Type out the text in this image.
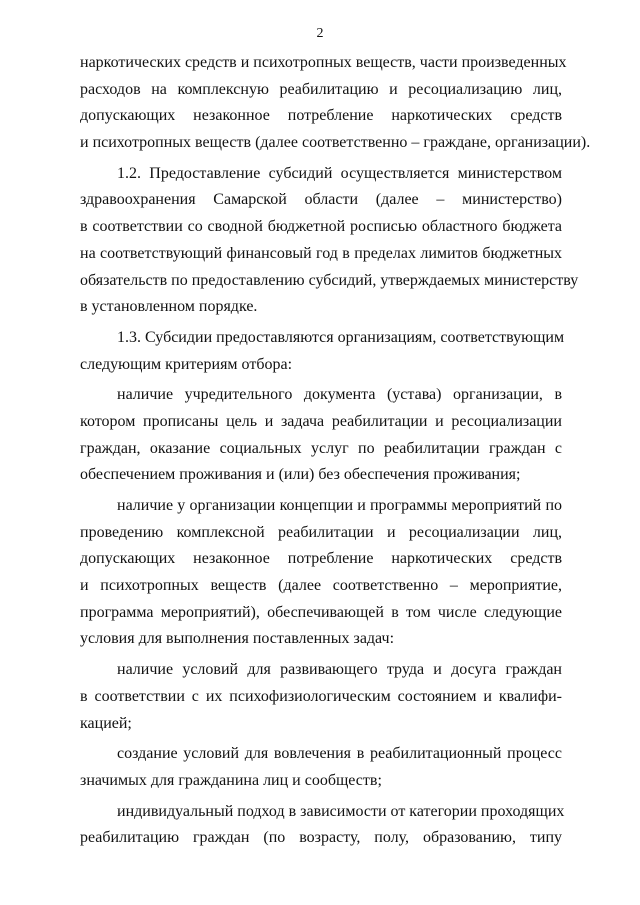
2
наркотических средств и психотропных веществ, части произведенных
расходов на комплексную реабилитацию и ресоциализацию лиц,
допускающих незаконное потребление наркотических средств
и психотропных веществ (далее соответственно – граждане, организации).
1.2. Предоставление субсидий осуществляется министерством
здравоохранения Самарской области (далее – министерство)
в соответствии со сводной бюджетной росписью областного бюджета
на соответствующий финансовый год в пределах лимитов бюджетных
обязательств по предоставлению субсидий, утверждаемых министерству
в установленном порядке.
1.3. Субсидии предоставляются организациям, соответствующим
следующим критериям отбора:
наличие учредительного документа (устава) организации, в
котором прописаны цель и задача реабилитации и ресоциализации
граждан, оказание социальных услуг по реабилитации граждан с
обеспечением проживания и (или) без обеспечения проживания;
наличие у организации концепции и программы мероприятий по
проведению комплексной реабилитации и ресоциализации лиц,
допускающих незаконное потребление наркотических средств
и психотропных веществ (далее соответственно – мероприятие,
программа мероприятий), обеспечивающей в том числе следующие
условия для выполнения поставленных задач:
наличие условий для развивающего труда и досуга граждан
в соответствии с их психофизиологическим состоянием и квалифи-
кацией;
создание условий для вовлечения в реабилитационный процесс
значимых для гражданина лиц и сообществ;
индивидуальный подход в зависимости от категории проходящих
реабилитацию граждан (по возрасту, полу, образованию, типу
